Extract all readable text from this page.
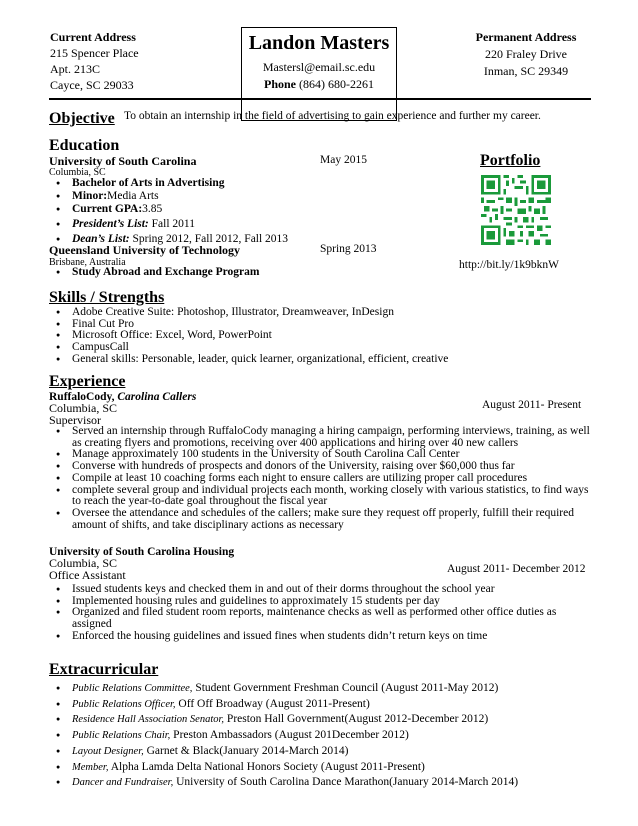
Current Address
215 Spencer Place
Apt. 213C
Cayce, SC 29033
Landon Masters
Mastersl@email.sc.edu
Phone (864) 680-2261
Permanent Address
220 Fraley Drive
Inman, SC 29349
Objective To obtain an internship in the field of advertising to gain experience and further my career.
Education
University of South Carolina	May 2015
Columbia, SC
● Bachelor of Arts in Advertising
● Minor:Media Arts
● Current GPA:3.85
● President’s List: Fall 2011
● Dean’s List: Spring 2012, Fall 2012, Fall 2013
Queensland University of Technology	Spring 2013
Brisbane, Australia
● Study Abroad and Exchange Program
Portfolio
http://bit.ly/1k9bknW
Skills / Strengths
● Adobe Creative Suite: Photoshop, Illustrator, Dreamweaver, InDesign
● Final Cut Pro
● Microsoft Office: Excel, Word, PowerPoint
● CampusCall
● General skills: Personable, leader, quick learner, organizational, efficient, creative
Experience
RuffaloCody, Carolina Callers
Columbia, SC
Supervisor
August 2011- Present
● Served an internship through RuffaloCody managing a hiring campaign, performing interviews, training, as well as creating flyers and promotions, receiving over 400 applications and hiring over 40 new callers
● Manage approximately 100 students in the University of South Carolina Call Center
● Converse with hundreds of prospects and donors of the University, raising over $60,000 thus far
● Compile at least 10 coaching forms each night to ensure callers are utilizing proper call procedures
● complete several group and individual projects each month, working closely with various statistics, to find ways to reach the year-to-date goal throughout the fiscal year
● Oversee the attendance and schedules of the callers; make sure they request off properly, fulfill their required amount of shifts, and take disciplinary actions as necessary
University of South Carolina Housing
Columbia, SC
Office Assistant	August 2011- December 2012
● Issued students keys and checked them in and out of their dorms throughout the school year
● Implemented housing rules and guidelines to approximately 15 students per day
● Organized and filed student room reports, maintenance checks as well as performed other office duties as assigned
● Enforced the housing guidelines and issued fines when students didn’t return keys on time
Extracurricular
● Public Relations Committee, Student Government Freshman Council (August 2011-May 2012)
● Public Relations Officer, Off Off Broadway (August 2011-Present)
● Residence Hall Association Senator, Preston Hall Government(August 2012-December 2012)
● Public Relations Chair, Preston Ambassadors (August 201December 2012)
● Layout Designer, Garnet & Black(January 2014-March 2014)
● Member, Alpha Lamda Delta National Honors Society (August 2011-Present)
● Dancer and Fundraiser, University of South Carolina Dance Marathon(January 2014-March 2014)
